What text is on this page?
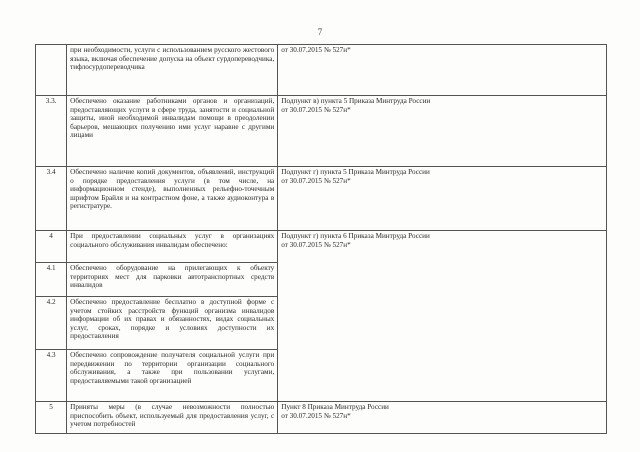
7
	при необходимости, услуги с использованием русского жестового языка, включая обеспечение допуска на объект сурдопереводчика, тифлосурдопереводчика	от 30.07.2015 № 527н*

3.3.	Обеспечено оказание работниками органов и организаций, предоставляющих услуги в сфере труда, занятости и социальной защиты, иной необходимой инвалидам помощи в преодолении барьеров, мешающих получению ими услуг наравне с другими лицами	Подпункт в) пункта 5 Приказа Минтруда России
от 30.07.2015 № 527н*

3.4	Обеспечено наличие копий документов, объявлений, инструкций о порядке предоставления услуги (в том числе, на информационном стенде), выполненных рельефно-точечным шрифтом Брайля и на контрастном фоне, а также аудиоконтура в регистратуре.	Подпункт г) пункта 5 Приказа Минтруда России
от 30.07.2015 № 527н*

4	При предоставлении социальных услуг в организациях социального обслуживания инвалидам обеспечено:	Подпункт г) пункта 6 Приказа Минтруда России
от 30.07.2015 № 527н*

4.1	Обеспечено оборудование на прилегающих к объекту территориях мест для парковки автотранспортных средств инвалидов	
4.2	Обеспечено предоставление бесплатно в доступной форме с учетом стойких расстройств функций организма инвалидов информации об их правах и обязанностях, видах социальных услуг, сроках, порядке и условиях доступности их предоставления	
4.3	Обеспечено сопровождение получателя социальной услуги при передвижении по территории организации социального обслуживания, а также при пользовании услугами, предоставляемыми такой организацией	
5	Приняты меры (в случае невозможности полностью приспособить объект, используемый для предоставления услуг, с учетом потребностей	Пункт 8 Приказа Минтруда России
от 30.07.2015 № 527н*
